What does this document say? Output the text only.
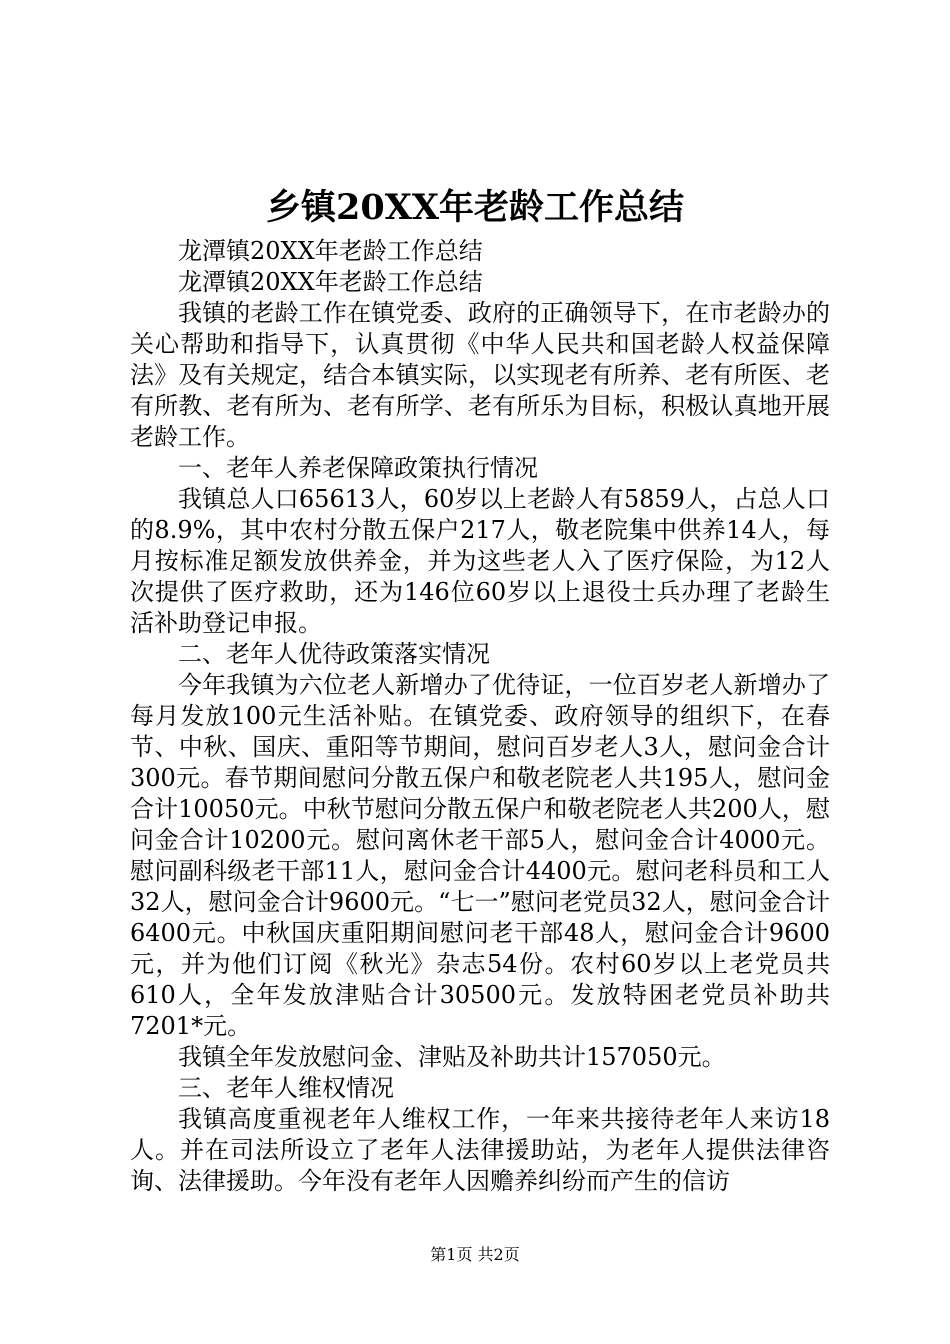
乡镇20XX年老龄工作总结

龙潭镇20XX年老龄工作总结

龙潭镇20XX年老龄工作总结

我镇的老龄工作在镇党委、政府的正确领导下，在市老龄办的关心帮助和指导下，认真贯彻《中华人民共和国老龄人权益保障法》及有关规定，结合本镇实际，以实现老有所养、老有所医、老有所教、老有所为、老有所学、老有所乐为目标，积极认真地开展老龄工作。

一、老年人养老保障政策执行情况

我镇总人口65613人，60岁以上老龄人有5859人，占总人口的8.9%，其中农村分散五保户217人，敬老院集中供养14人，每月按标准足额发放供养金，并为这些老人入了医疗保险，为12人次提供了医疗救助，还为146位60岁以上退役士兵办理了老龄生活补助登记申报。

二、老年人优待政策落实情况

今年我镇为六位老人新增办了优待证，一位百岁老人新增办了每月发放100元生活补贴。在镇党委、政府领导的组织下，在春节、中秋、国庆、重阳等节期间，慰问百岁老人3人，慰问金合计300元。春节期间慰问分散五保户和敬老院老人共195人，慰问金合计10050元。中秋节慰问分散五保户和敬老院老人共200人，慰问金合计10200元。慰问离休老干部5人，慰问金合计4000元。慰问副科级老干部11人，慰问金合计4400元。慰问老科员和工人32人，慰问金合计9600元。“七一”慰问老党员32人，慰问金合计6400元。中秋国庆重阳期间慰问老干部48人，慰问金合计9600元，并为他们订阅《秋光》杂志54份。农村60岁以上老党员共610人，全年发放津贴合计30500元。发放特困老党员补助共7201*元。

我镇全年发放慰问金、津贴及补助共计157050元。

三、老年人维权情况

我镇高度重视老年人维权工作，一年来共接待老年人来访18人。并在司法所设立了老年人法律援助站，为老年人提供法律咨询、法律援助。今年没有老年人因赡养纠纷而产生的信访

第1页 共2页
